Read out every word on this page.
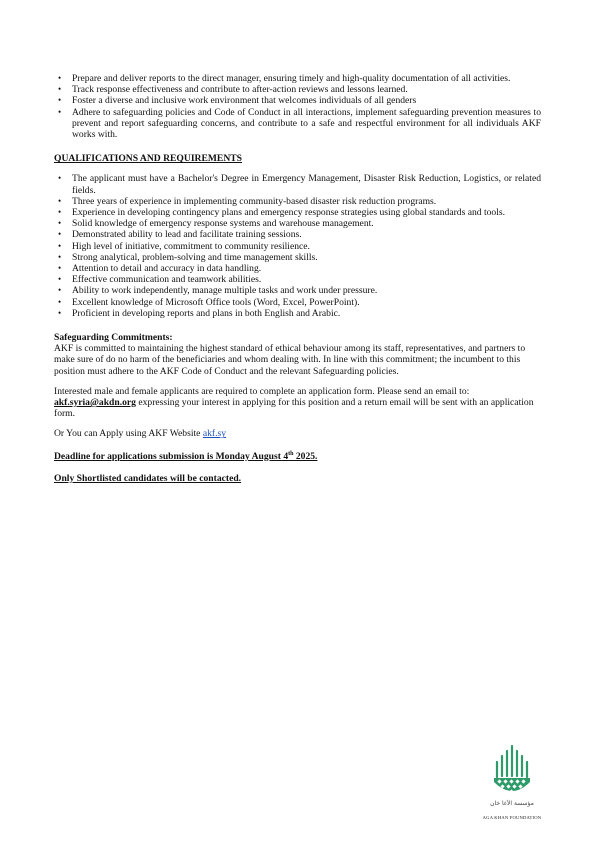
• Prepare and deliver reports to the direct manager, ensuring timely and high-quality documentation of all activities.
• Track response effectiveness and contribute to after-action reviews and lessons learned.
• Foster a diverse and inclusive work environment that welcomes individuals of all genders
• Adhere to safeguarding policies and Code of Conduct in all interactions, implement safeguarding prevention measures to prevent and report safeguarding concerns, and contribute to a safe and respectful environment for all individuals AKF works with.
QUALIFICATIONS AND REQUIREMENTS
• The applicant must have a Bachelor's Degree in Emergency Management, Disaster Risk Reduction, Logistics, or related fields.
• Three years of experience in implementing community-based disaster risk reduction programs.
• Experience in developing contingency plans and emergency response strategies using global standards and tools.
• Solid knowledge of emergency response systems and warehouse management.
• Demonstrated ability to lead and facilitate training sessions.
• High level of initiative, commitment to community resilience.
• Strong analytical, problem-solving and time management skills.
• Attention to detail and accuracy in data handling.
• Effective communication and teamwork abilities.
• Ability to work independently, manage multiple tasks and work under pressure.
• Excellent knowledge of Microsoft Office tools (Word, Excel, PowerPoint).
• Proficient in developing reports and plans in both English and Arabic.
Safeguarding Commitments:

AKF is committed to maintaining the highest standard of ethical behaviour among its staff, representatives, and partners to make sure of do no harm of the beneficiaries and whom dealing with. In line with this commitment; the incumbent to this position must adhere to the AKF Code of Conduct and the relevant Safeguarding policies.

Interested male and female applicants are required to complete an application form. Please send an email to:
akf.syria@akdn.org expressing your interest in applying for this position and a return email will be sent with an application form.

Or You can Apply using AKF Website akf.sy

Deadline for applications submission is Monday August 4th 2025.

Only Shortlisted candidates will be contacted.

مؤسسة الآغا خان
AGA KHAN FOUNDATION
